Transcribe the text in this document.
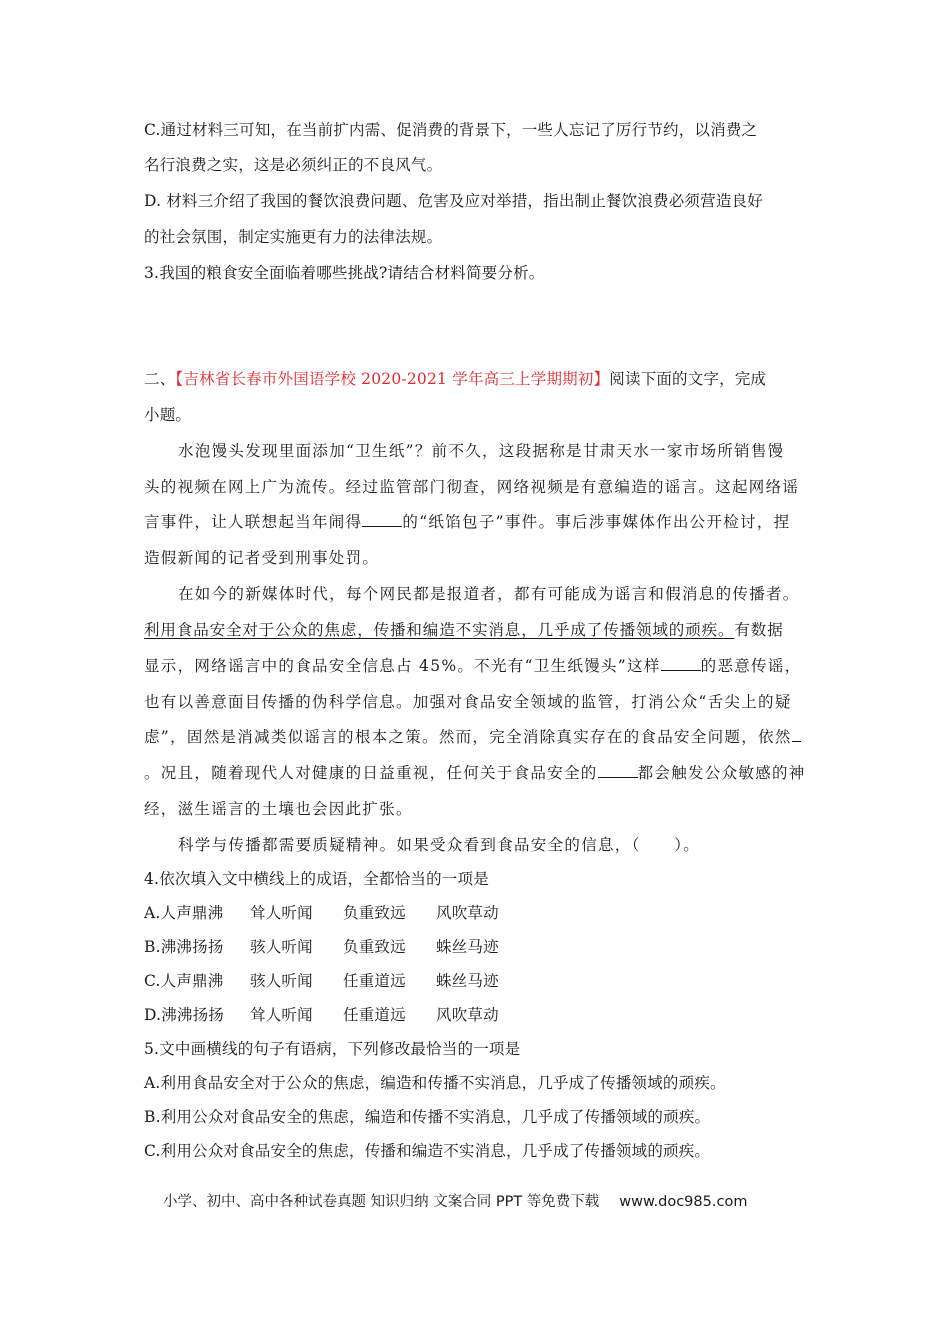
C.通过材料三可知，在当前扩内需、促消费的背景下，一些人忘记了厉行节约，以消费之
名行浪费之实，这是必须纠正的不良风气。
D. 材料三介绍了我国的餐饮浪费问题、危害及应对举措，指出制止餐饮浪费必须营造良好
的社会氛围，制定实施更有力的法律法规。
3.我国的粮食安全面临着哪些挑战?请结合材料简要分析。
二、【吉林省长春市外国语学校 2020-2021 学年高三上学期期初】阅读下面的文字，完成
小题。
水泡馒头发现里面添加“卫生纸”？前不久，这段据称是甘肃天水一家市场所销售馒
头的视频在网上广为流传。经过监管部门彻查，网络视频是有意编造的谣言。这起网络谣
言事件，让人联想起当年闹得	的“纸馅包子”事件。事后涉事媒体作出公开检讨，捏
造假新闻的记者受到刑事处罚。
在如今的新媒体时代，每个网民都是报道者，都有可能成为谣言和假消息的传播者。
利用食品安全对于公众的焦虑，传播和编造不实消息，几乎成了传播领域的顽疾。有数据
显示，网络谣言中的食品安全信息占 45%。不光有“卫生纸馒头”这样	的恶意传谣，
也有以善意面目传播的伪科学信息。加强对食品安全领域的监管，打消公众“舌尖上的疑
虑”，固然是消减类似谣言的根本之策。然而，完全消除真实存在的食品安全问题，依然
。况且，随着现代人对健康的日益重视，任何关于食品安全的	都会触发公众敏感的神
经，滋生谣言的土壤也会因此扩张。
科学与传播都需要质疑精神。如果受众看到食品安全的信息，（　　）。
4.依次填入文中横线上的成语，全都恰当的一项是
A.人声鼎沸 耸人听闻 负重致远 风吹草动
B.沸沸扬扬 骇人听闻 负重致远 蛛丝马迹
C.人声鼎沸 骇人听闻 任重道远 蛛丝马迹
D.沸沸扬扬 耸人听闻 任重道远 风吹草动
5.文中画横线的句子有语病，下列修改最恰当的一项是
A.利用食品安全对于公众的焦虑，编造和传播不实消息，几乎成了传播领域的顽疾。
B.利用公众对食品安全的焦虑，编造和传播不实消息，几乎成了传播领域的顽疾。
C.利用公众对食品安全的焦虑，传播和编造不实消息，几乎成了传播领域的顽疾。
小学、初中、高中各种试卷真题 知识归纳 文案合同 PPT 等免费下载 www.doc985.com
